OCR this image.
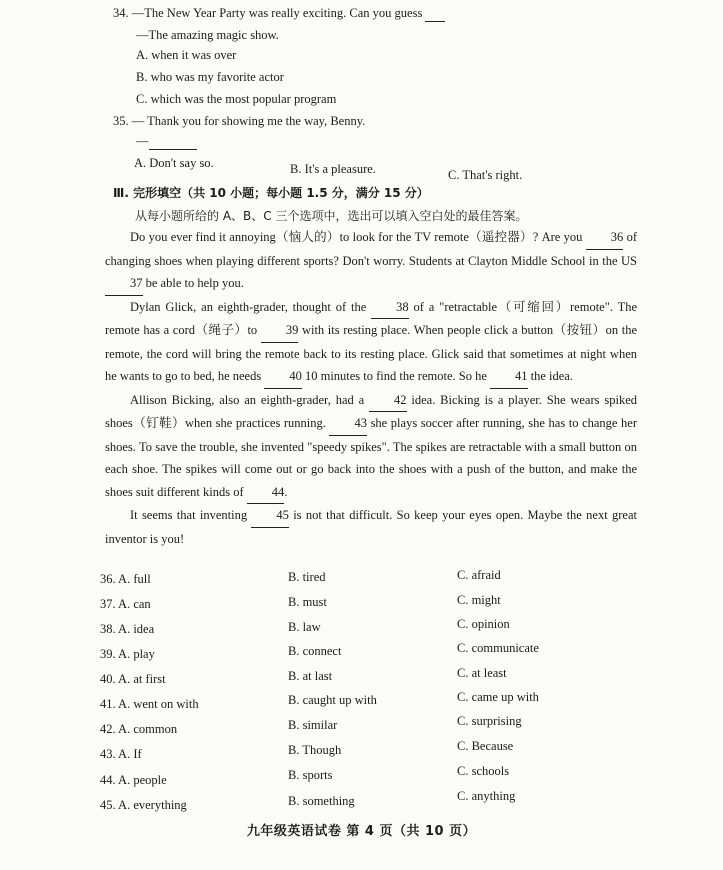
34. —The New Year Party was really exciting. Can you guess
—The amazing magic show.
A. when it was over
B. who was my favorite actor
C. which was the most popular program
35. — Thank you for showing me the way, Benny.
—
A. Don't say so.	B. It's a pleasure.	C. That's right.
Ⅲ. 完形填空（共 10 小题；每小题 1.5 分，满分 15 分）
从每小题所给的 A、B、C 三个选项中，选出可以填入空白处的最佳答案。

Do you ever find it annoying（恼人的）to look for the TV remote（遥控器）? Are you 36 of changing shoes when playing different sports? Don't worry. Students at Clayton Middle School in the US 37 be able to help you.

Dylan Glick, an eighth-grader, thought of the 38 of a "retractable（可缩回）remote". The remote has a cord（绳子）to 39 with its resting place. When people click a button（按钮）on the remote, the cord will bring the remote back to its resting place. Glick said that sometimes at night when he wants to go to bed, he needs 40 10 minutes to find the remote. So he 41 the idea.

Allison Bicking, also an eighth-grader, had a 42 idea. Bicking is a player. She wears spiked shoes（钉鞋）when she practices running. 43 she plays soccer after running, she has to change her shoes. To save the trouble, she invented "speedy spikes". The spikes are retractable with a small button on each shoe. The spikes will come out or go back into the shoes with a push of the button, and make the shoes suit different kinds of 44.

It seems that inventing 45 is not that difficult. So keep your eyes open. Maybe the next great inventor is you!

36. A. full	B. tired	C. afraid
37. A. can	B. must	C. might
38. A. idea	B. law	C. opinion
39. A. play	B. connect	C. communicate
40. A. at first	B. at last	C. at least
41. A. went on with	B. caught up with	C. came up with
42. A. common	B. similar	C. surprising
43. A. If	B. Though	C. Because
44. A. people	B. sports	C. schools
45. A. everything	B. something	C. anything
九年级英语试卷 第 4 页（共 10 页）
